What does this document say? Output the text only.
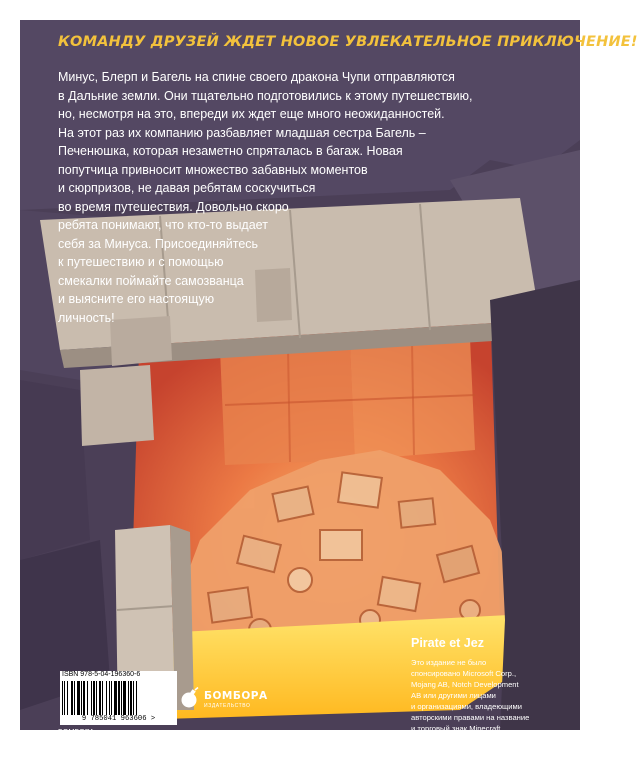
КОМАНДУ ДРУЗЕЙ ЖДЕТ НОВОЕ УВЛЕКАТЕЛЬНОЕ ПРИКЛЮЧЕНИЕ!
Минус, Блерп и Багель на спине своего дракона Чупи отправляются
в Дальние земли. Они тщательно подготовились к этому путешествию,
но, несмотря на это, впереди их ждет еще много неожиданностей.
На этот раз их компанию разбавляет младшая сестра Багель –
Печенюшка, которая незаметно спряталась в багаж. Новая
попутчица привносит множество забавных моментов
и сюрпризов, не давая ребятам соскучиться
во время путешествия. Довольно скоро
ребята понимают, что кто-то выдает
себя за Минуса. Присоединяйтесь
к путешествию и с помощью
смекалки поймайте самозванца
и выясните его настоящую
личность!
Pirate et Jez
Это издание не было
спонсировано Microsoft Corp.,
Mojang AB, Notch Development
AB или другими лицами
и организациями, владеющими
авторскими правами на название
и торговый знак Minecraft.
ISBN 978-5-04-196360-6
9 785041 963606 >
БОМБОРА
ИЗДАТЕЛЬСТВО
БОМБОРА — лидер на рынке полезных и вдохновляющих книг.
Мы любим книги и создаем их, чтобы вы могли творить, открывать
мир, пробовать новое, расти. Быть счастливыми. Быть на волне.
